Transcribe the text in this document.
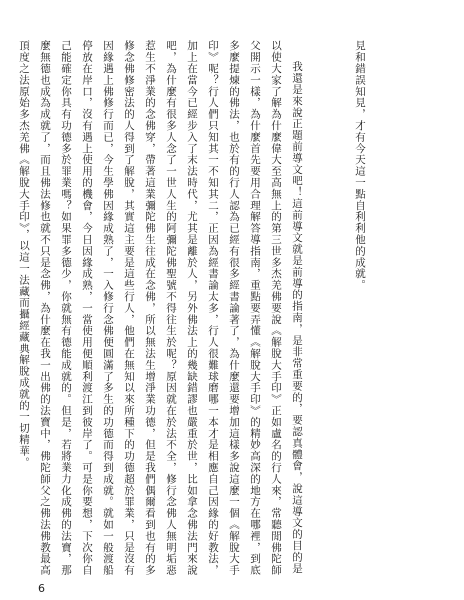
見和錯誤知見，才有今天這一點自利利他的成就。

我還是來說正題前導文吧！這前導文就是前導的指南，是非常重要的，要認真體會，說這導文的目的是以使大家了解為什麼偉大至高無上的第三世多杰羌佛要說《解脫大手印》正如盧名的行人來，常聽閒佛陀師父開示一樣，為什麼首先要用合理解答導指南，重點要弄懂《解脫大手印》的精妙高深的地方在哪裡，到底多麼提煉的佛法，也於有的行人認為已經有很多經書論著了，為什麼還要增加這樣多說這麼一個《解脫大手印》呢？行人們只知其一不知其二，正因為經書論太多，行人很難球磨哪一本才是相應自己因緣的好教法，加上在當今已經步入了末法時代，尤其是離於人，另外佛法上的幾缺錯謬也嚴重於世，比如拿念佛法門來說吧，為什麼有很多人念了一世人生的阿彌陀佛聖號不得往生於呢？原因就在於法不全，修行念佛人無明垢惡惹生不淨業的念佛穿，帶著這業彌陀佛生往成在念佛，所以無法生增淨業功德，但是我們偶爾看到也有的多修念佛修密法的人得到了解脫，其實這主要是這些行人，他們在無知以來所種下的功德超於罪業，只是沒有因緣遇上佛修行而已，今生學佛因緣成熟了，一入修行念佛便圓滿了多生的功德而得到成就。就如一般渡船停放在岸口，沒有遇上使用的機會，今日因緣成熟，一當使用便順利渡江到彼岸了。可是你要想，下次你自己能確定你具有功德多於罪業嗎？如果罪多德少，你就無有德能成就的。但是，若將業力化成佛的法寶，那麼無德也成為成就了，而且佛法修也就不只是念佛，為什麼在我一出佛的法寶中，佛陀師父之佛法佛教最高頂度之法原始多杰羌佛《解脫大手印》，以這一法藏而攝經藏典解脫成就的一切精華。

6
